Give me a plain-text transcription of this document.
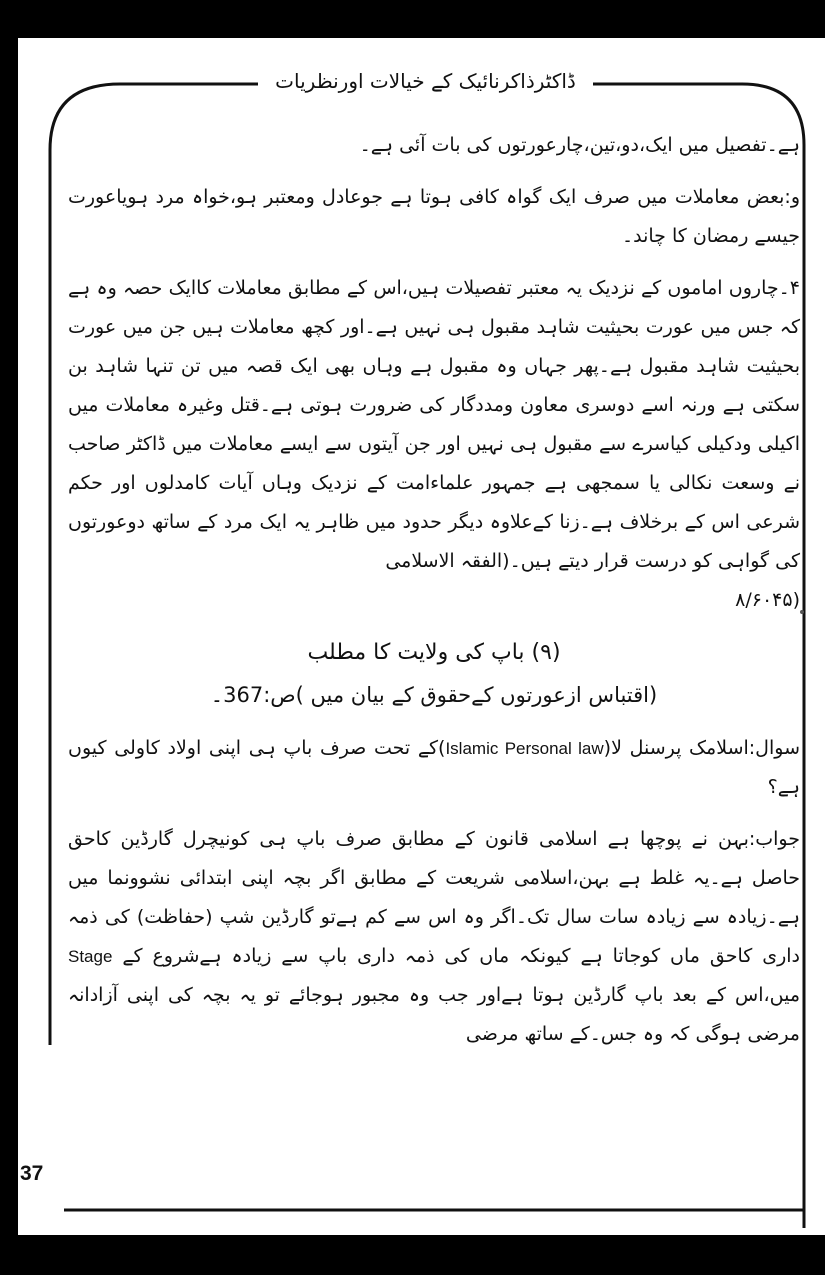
ڈاکٹرذاکرنائیک کے خیالات اورنظریات

ہے۔تفصیل میں ایک،دو،تین،چارعورتوں کی بات آئی ہے۔

و:بعض معاملات میں صرف ایک گواہ کافی ہوتا ہے جوعادل ومعتبر ہو،خواہ مرد ہویاعورت جیسے رمضان کا چاند۔

۴۔چاروں اماموں کے نزدیک یہ معتبر تفصیلات ہیں،اس کے مطابق معاملات کاایک حصہ وہ ہے کہ جس میں عورت بحیثیت شاہد مقبول ہی نہیں ہے۔اور کچھ معاملات ہیں جن میں عورت بحیثیت شاہد مقبول ہے۔پھر جہاں وہ مقبول ہے وہاں بھی ایک قصہ میں تن تنہا شاہد بن سکتی ہے ورنہ اسے دوسری معاون ومددگار کی ضرورت ہوتی ہے۔قتل وغیرہ معاملات میں اکیلی ودکیلی کیاسرے سے مقبول ہی نہیں اور جن آیتوں سے ایسے معاملات میں ڈاکٹر صاحب نے وسعت نکالی یا سمجھی ہے جمہور علماءامت کے نزدیک وہاں آیات کامدلوں اور حکم شرعی اس کے برخلاف ہے۔زنا کےعلاوہ دیگر حدود میں ظاہر یہ ایک مرد کے ساتھ دوعورتوں کی گواہی کو درست قرار دیتے ہیں۔(الفقہ الاسلامی

(۸/۶۰۴۵

(۹) باپ کی ولایت کا مطلب
(اقتباس ازعورتوں کےحقوق کے بیان میں )ص:367۔

سوال:اسلامک پرسنل لا(Islamic Personal law)کے تحت صرف باپ ہی اپنی اولاد کاولی کیوں ہے؟

جواب:بہن نے پوچھا ہے اسلامی قانون کے مطابق صرف باپ ہی کونیچرل گارڈین کاحق حاصل ہے۔یہ غلط ہے بہن،اسلامی شریعت کے مطابق اگر بچہ اپنی ابتدائی نشوونما میں ہے۔زیادہ سے زیادہ سات سال تک۔اگر وہ اس سے کم ہےتو گارڈین شپ (حفاظت) کی ذمہ داری کاحق ماں کوجاتا ہے کیونکہ ماں کی ذمہ داری باپ سے زیادہ ہےشروع کے Stage میں،اس کے بعد باپ گارڈین ہوتا ہےاور جب وہ مجبور ہوجائے تو یہ بچہ کی اپنی آزادانہ مرضی ہوگی کہ وہ جس۔کے ساتھ مرضی

37
